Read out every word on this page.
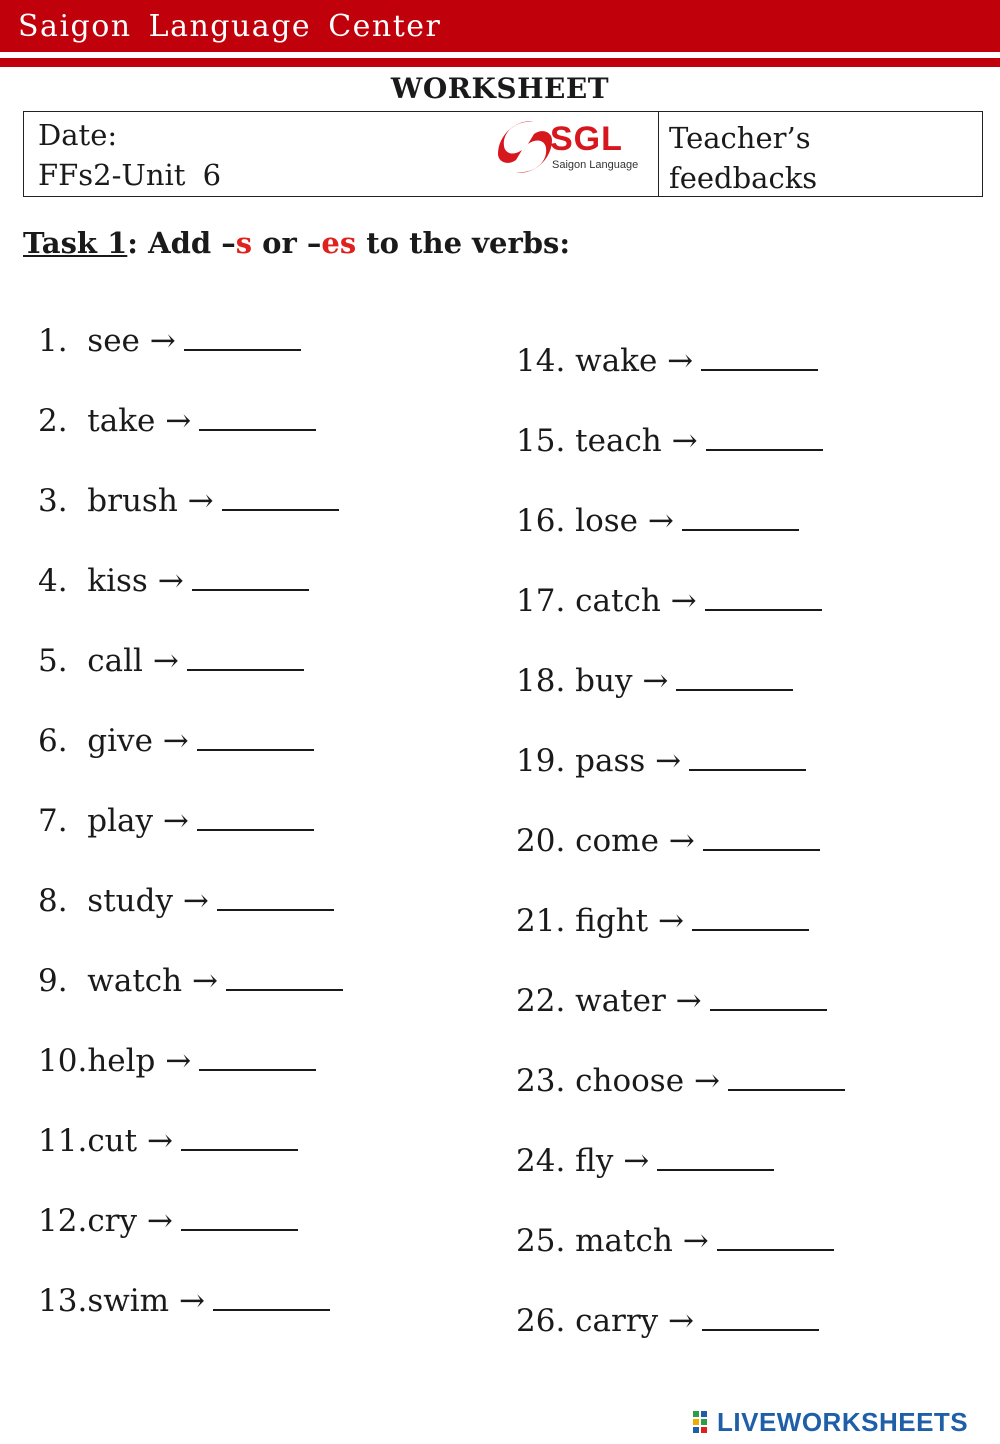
Saigon Language Center
WORKSHEET
Date:
FFs2-Unit 6
SGL
Saigon Language
Teacher’s
feedbacks
Task 1: Add –s or –es to the verbs:
1.  see →
2.  take →
3.  brush →
4.  kiss →
5.  call →
6.  give →
7.  play →
8.  study →
9.  watch →
10.help →
11.cut →
12.cry →
13.swim →
14. wake →
15. teach →
16. lose →
17. catch →
18. buy →
19. pass →
20. come →
21. fight →
22. water →
23. choose →
24. fly →
25. match →
26. carry →
LIVEWORKSHEETS
